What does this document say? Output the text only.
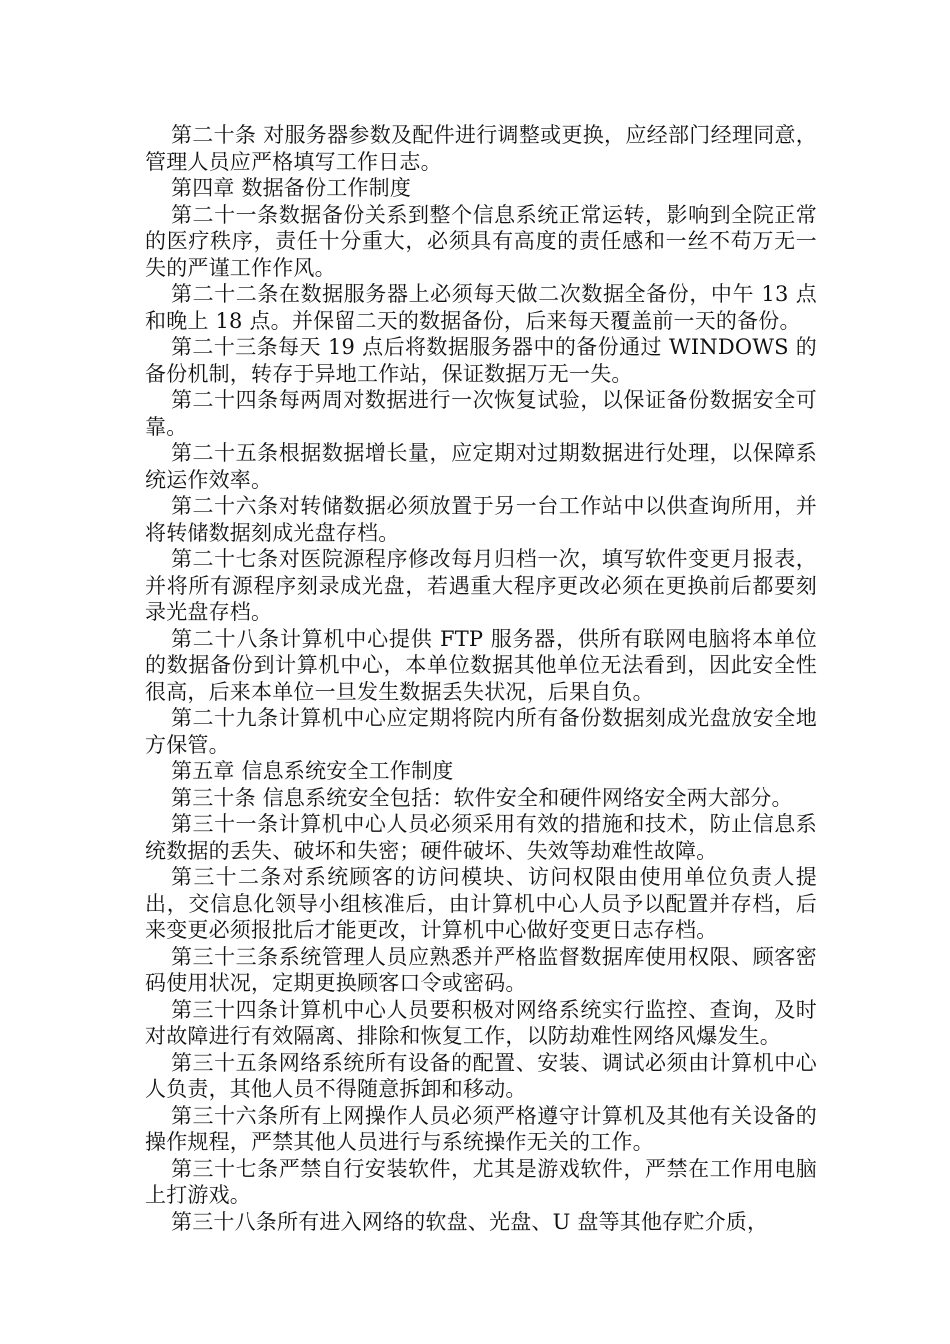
第二十条 对服务器参数及配件进行调整或更换，应经部门经理同意，管理人员应严格填写工作日志。

第四章 数据备份工作制度

第二十一条数据备份关系到整个信息系统正常运转，影响到全院正常的医疗秩序，责任十分重大，必须具有高度的责任感和一丝不苟万无一失的严谨工作作风。

第二十二条在数据服务器上必须每天做二次数据全备份，中午 13 点和晚上 18 点。并保留二天的数据备份，后来每天覆盖前一天的备份。

第二十三条每天 19 点后将数据服务器中的备份通过 WINDOWS 的备份机制，转存于异地工作站，保证数据万无一失。

第二十四条每两周对数据进行一次恢复试验，以保证备份数据安全可靠。

第二十五条根据数据增长量，应定期对过期数据进行处理，以保障系统运作效率。

第二十六条对转储数据必须放置于另一台工作站中以供查询所用，并将转储数据刻成光盘存档。

第二十七条对医院源程序修改每月归档一次，填写软件变更月报表，并将所有源程序刻录成光盘，若遇重大程序更改必须在更换前后都要刻录光盘存档。

第二十八条计算机中心提供 FTP 服务器，供所有联网电脑将本单位的数据备份到计算机中心，本单位数据其他单位无法看到，因此安全性很高，后来本单位一旦发生数据丢失状况，后果自负。

第二十九条计算机中心应定期将院内所有备份数据刻成光盘放安全地方保管。

第五章 信息系统安全工作制度

第三十条 信息系统安全包括：软件安全和硬件网络安全两大部分。

第三十一条计算机中心人员必须采用有效的措施和技术，防止信息系统数据的丢失、破坏和失密；硬件破坏、失效等劫难性故障。

第三十二条对系统顾客的访问模块、访问权限由使用单位负责人提出，交信息化领导小组核准后，由计算机中心人员予以配置并存档，后来变更必须报批后才能更改，计算机中心做好变更日志存档。

第三十三条系统管理人员应熟悉并严格监督数据库使用权限、顾客密码使用状况，定期更换顾客口令或密码。

第三十四条计算机中心人员要积极对网络系统实行监控、查询，及时对故障进行有效隔离、排除和恢复工作，以防劫难性网络风爆发生。

第三十五条网络系统所有设备的配置、安装、调试必须由计算机中心人负责，其他人员不得随意拆卸和移动。

第三十六条所有上网操作人员必须严格遵守计算机及其他有关设备的操作规程，严禁其他人员进行与系统操作无关的工作。

第三十七条严禁自行安装软件，尤其是游戏软件，严禁在工作用电脑上打游戏。

第三十八条所有进入网络的软盘、光盘、U 盘等其他存贮介质，
